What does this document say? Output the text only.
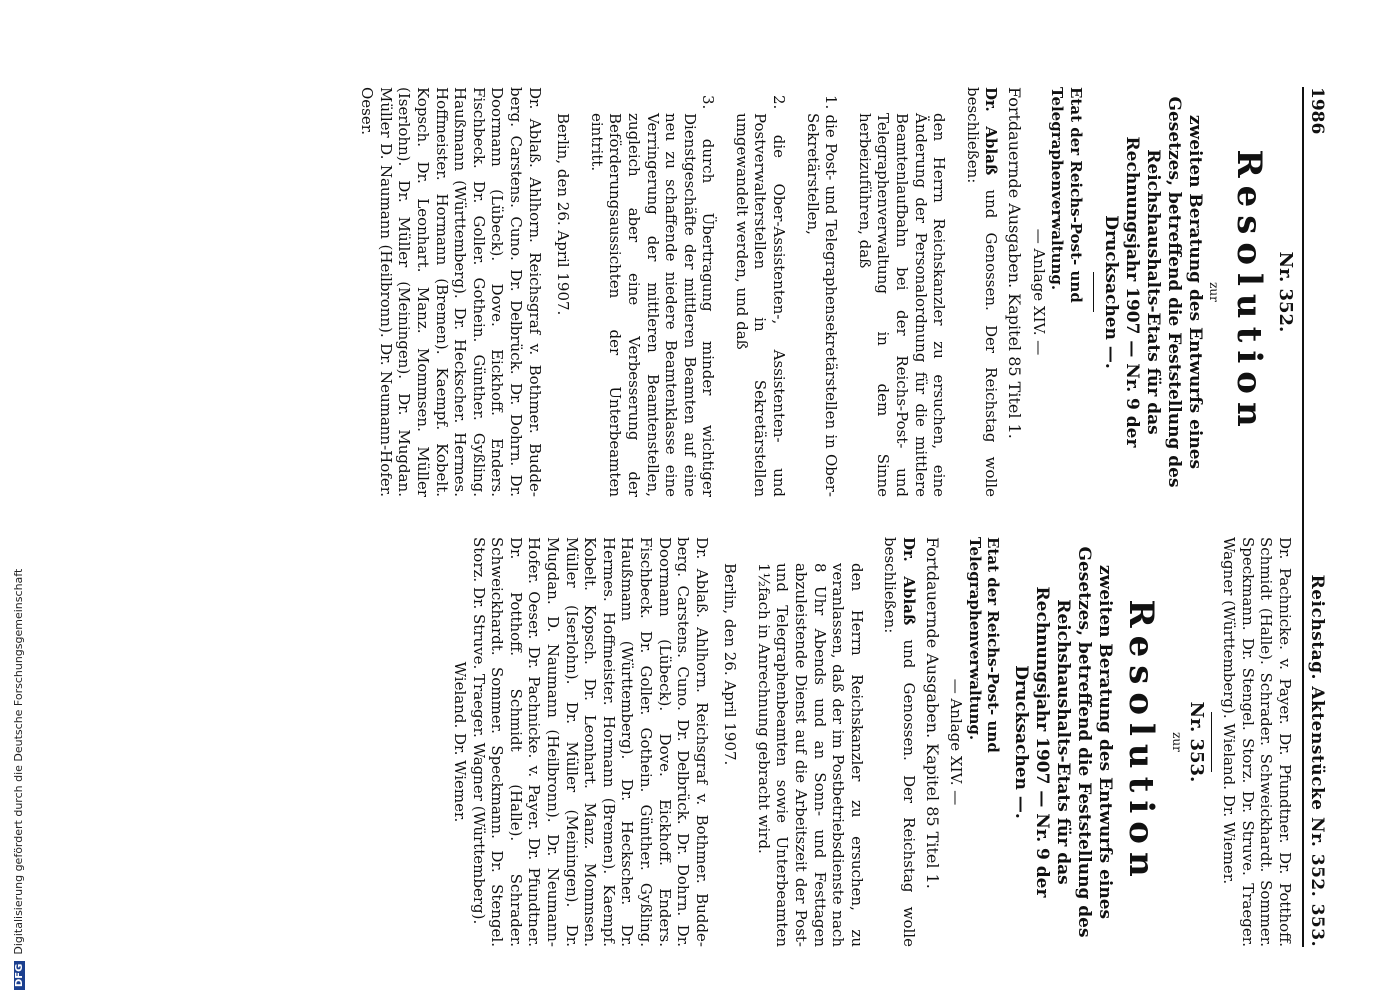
DFGDigitalisierung gefördert durch die Deutsche Forschungsgemeinschaft
1986
Reichstag. Aktenstücke Nr. 352. 353.

Nr. 352.

Resolution

zur

zweiten Beratung des Entwurfs eines Gesetzes, betreffend die Feststellung des Reichshaushalts-Etats für das Rechnungsjahr 1907 — Nr. 9 der Drucksachen —.

Etat der Reichs-Post- und Telegraphenverwaltung.

— Anlage XIV. —

Fortdauernde Ausgaben. Kapitel 85 Titel 1.

Dr. Ablaß und Genossen. Der Reichstag wolle beschließen:

den Herrn Reichskanzler zu ersuchen, eine Änderung der Personalordnung für die mittlere Beamtenlaufbahn bei der Reichs-Post- und Telegraphenverwaltung in dem Sinne herbeizuführen, daß

1. die Post- und Telegraphensekretärstellen in Ober-Sekretärstellen,

2. die Ober-Assistenten-, Assistenten- und Postverwalterstellen in Sekretärstellen umgewandelt werden, und daß

3. durch Übertragung minder wichtiger Dienstgeschäfte der mittleren Beamten auf eine neu zu schaffende niedere Beamtenklasse eine Verringerung der mittleren Beamtenstellen, zugleich aber eine Verbesserung der Beförderungsaussichten der Unterbeamten eintritt.

Berlin, den 26. April 1907.

Dr. Ablaß. Ahlhorn. Reichsgraf v. Bothmer. Budde-berg. Carstens. Cuno. Dr. Delbrück. Dr. Dohrn. Dr. Doormann (Lübeck). Dove. Eickhoff. Enders. Fischbeck. Dr. Goller. Gothein. Günther. Gyßling. Haußmann (Württemberg). Dr. Heckscher. Hermes. Hoffmeister. Hormann (Bremen). Kaempf. Kobelt. Kopsch. Dr. Leonhart. Manz. Mommsen. Müller (Iserlohn). Dr. Müller (Meiningen). Dr. Mugdan. Müller D. Naumann (Heilbronn). Dr. Neumann-Hofer. Oeser.

Dr. Pachnicke. v. Payer. Dr. Pfundtner. Dr. Potthoff. Schmidt (Halle). Schrader. Schweickhardt. Sommer. Speckmann. Dr. Stengel. Storz. Dr. Struve. Traeger. Wagner (Württemberg). Wieland. Dr. Wiemer.

Nr. 353.

zur

Resolution

zweiten Beratung des Entwurfs eines Gesetzes, betreffend die Feststellung des Reichshaushalts-Etats für das Rechnungsjahr 1907 — Nr. 9 der Drucksachen —.

Etat der Reichs-Post- und Telegraphenverwaltung.

— Anlage XIV. —

Fortdauernde Ausgaben. Kapitel 85 Titel 1.

Dr. Ablaß und Genossen. Der Reichstag wolle beschließen:

den Herrn Reichskanzler zu ersuchen, zu veranlassen, daß der im Postbetriebsdienste nach 8 Uhr Abends und an Sonn- und Festtagen abzuleistende Dienst auf die Arbeitszeit der Post- und Telegraphenbeamten sowie Unterbeamten 1½fach in Anrechnung gebracht wird.

Berlin, den 26. April 1907.

Dr. Ablaß. Ahlhorn. Reichsgraf v. Bothmer. Budde-berg. Carstens. Cuno. Dr. Delbrück. Dr. Dohrn. Dr. Doormann (Lübeck). Dove. Eickhoff. Enders. Fischbeck. Dr. Goller. Gothein. Günther. Gyßling. Haußmann (Württemberg). Dr. Heckscher. Dr. Hermes. Hoffmeister. Hormann (Bremen). Kaempf. Kobelt. Kopsch. Dr. Leonhart. Manz. Mommsen. Müller (Iserlohn). Dr. Müller (Meiningen). Dr. Mugdan. D. Naumann (Heilbronn). Dr. Neumann-Hofer. Oeser. Dr. Pachnicke. v. Payer. Dr. Pfundtner. Dr. Potthoff. Schmidt (Halle). Schrader. Schweickhardt. Sommer. Speckmann. Dr. Stengel. Storz. Dr. Struve. Traeger. Wagner (Württemberg).

Wieland. Dr. Wiemer.
